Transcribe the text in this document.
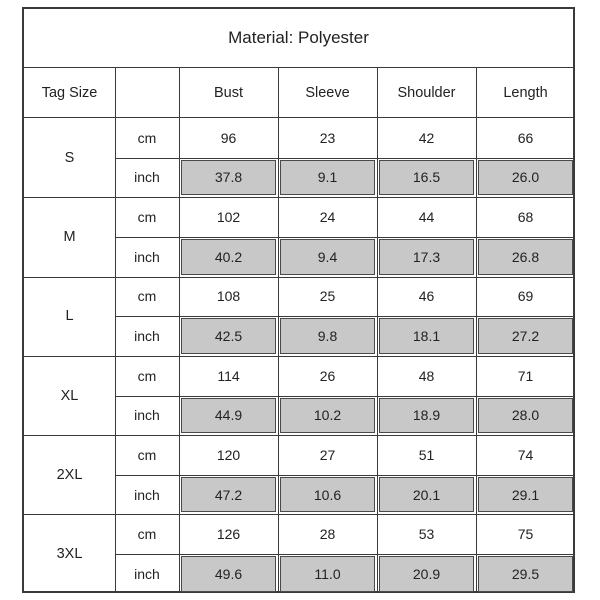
Material: Polyester
Tag Size	Bust	Sleeve	Shoulder	Length
S
cm	96	23	42	66
inch	37.8	9.1	16.5	26.0
M
cm	102	24	44	68
inch	40.2	9.4	17.3	26.8
L
cm	108	25	46	69
inch	42.5	9.8	18.1	27.2
XL
cm	114	26	48	71
inch	44.9	10.2	18.9	28.0
2XL
cm	120	27	51	74
inch	47.2	10.6	20.1	29.1
3XL
cm	126	28	53	75
inch	49.6	11.0	20.9	29.5
